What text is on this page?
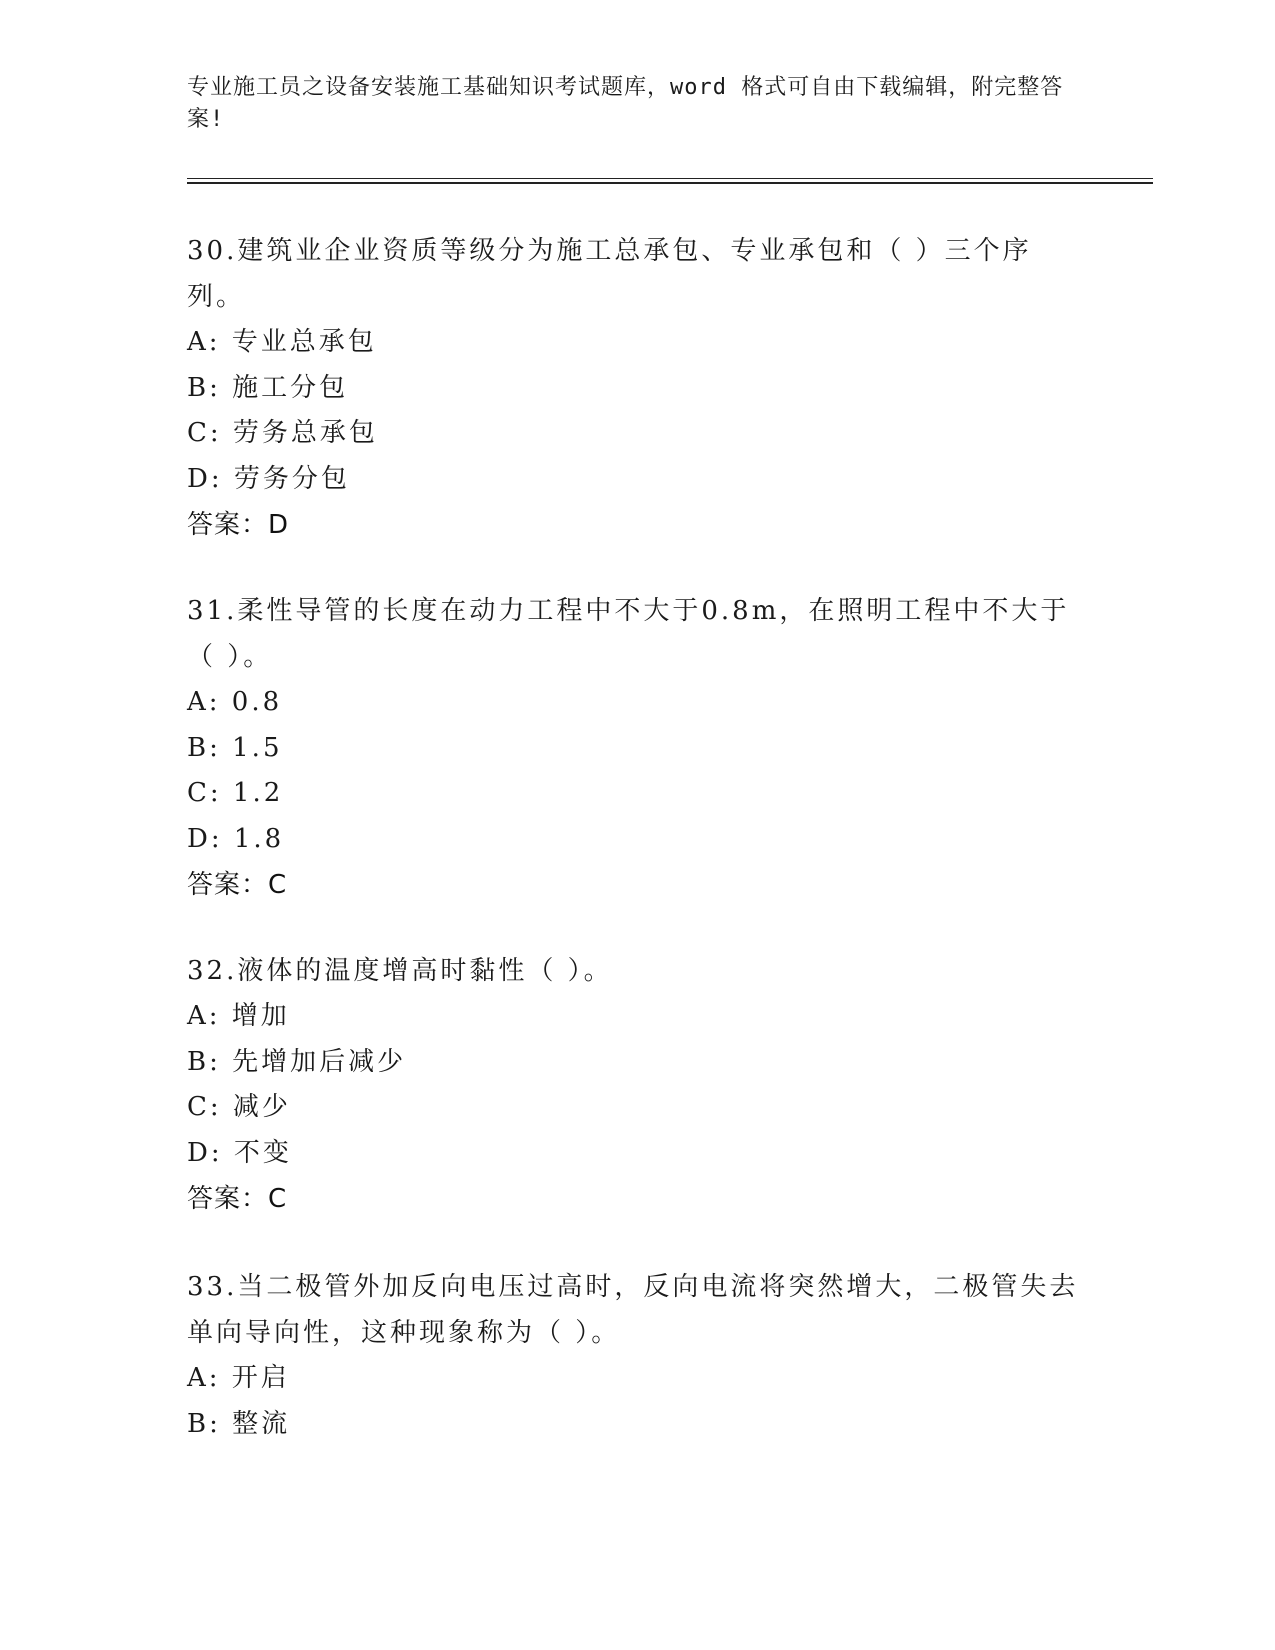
专业施工员之设备安装施工基础知识考试题库，word 格式可自由下载编辑，附完整答案!

30.建筑业企业资质等级分为施工总承包、专业承包和（ ）三个序列。

A: 专业总承包

B: 施工分包

C: 劳务总承包

D: 劳务分包

答案：D

31.柔性导管的长度在动力工程中不大于0.8m，在照明工程中不大于（ ）。

A: 0.8

B: 1.5

C: 1.2

D: 1.8

答案：C

32.液体的温度增高时黏性（ ）。

A: 增加

B: 先增加后减少

C: 减少

D: 不变

答案：C

33.当二极管外加反向电压过高时，反向电流将突然增大，二极管失去单向导向性，这种现象称为（ ）。

A: 开启

B: 整流
